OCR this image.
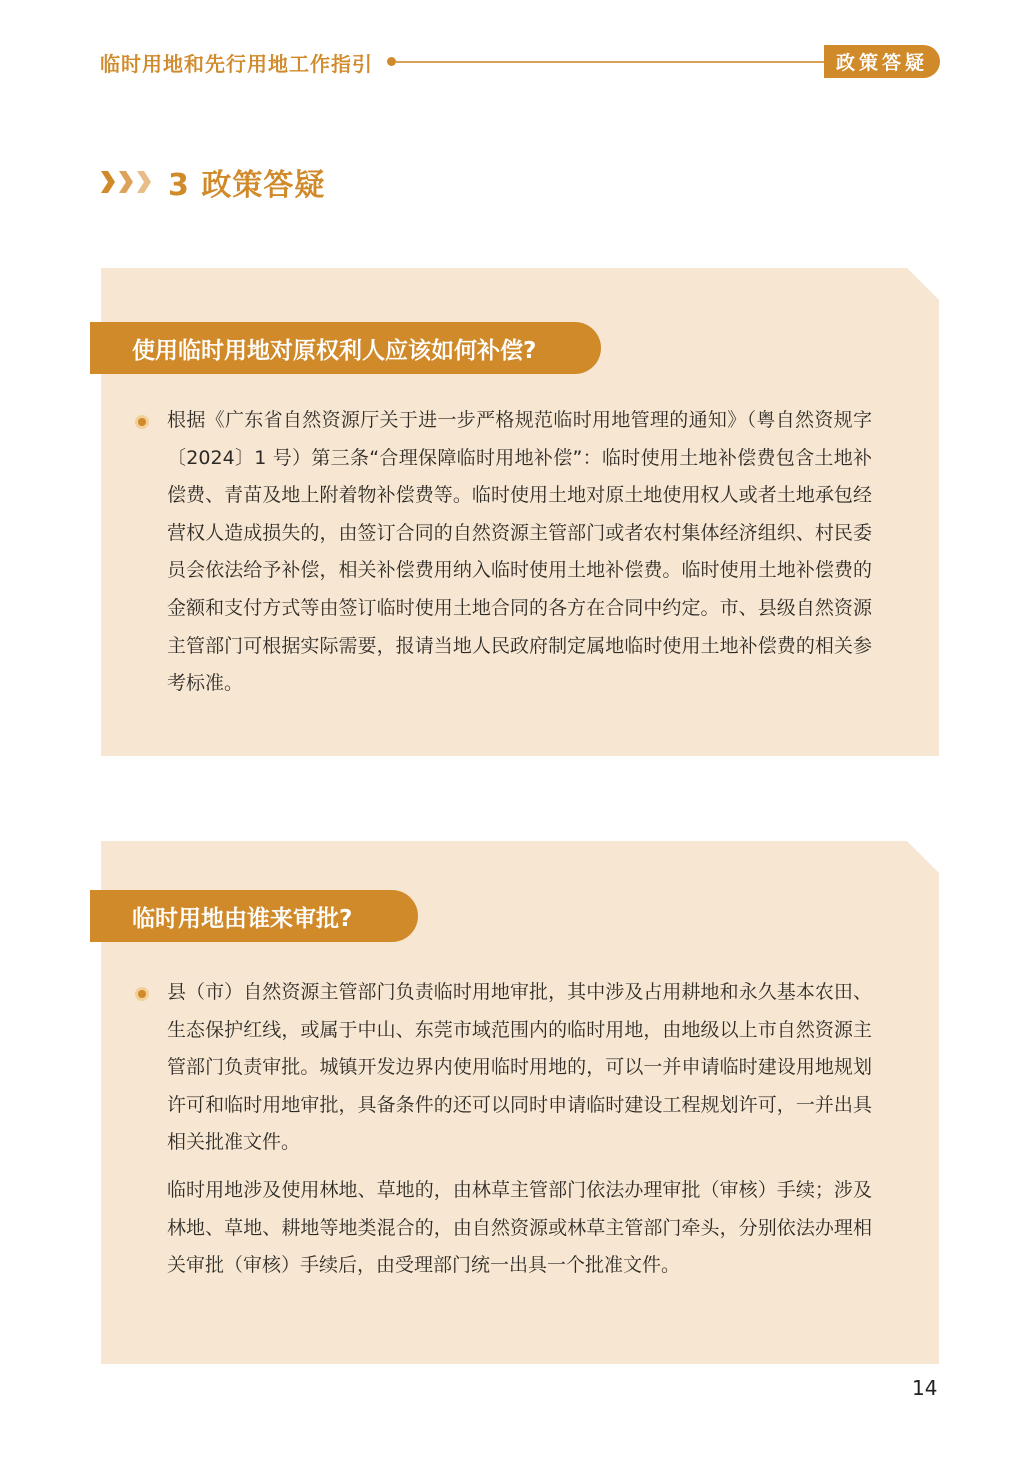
临时用地和先行用地工作指引	政策答疑
3 政策答疑
使用临时用地对原权利人应该如何补偿?
根据《广东省自然资源厅关于进一步严格规范临时用地管理的通知》（粤自然资规字〔2024〕1 号）第三条“合理保障临时用地补偿”：临时使用土地补偿费包含土地补偿费、青苗及地上附着物补偿费等。临时使用土地对原土地使用权人或者土地承包经营权人造成损失的，由签订合同的自然资源主管部门或者农村集体经济组织、村民委员会依法给予补偿，相关补偿费用纳入临时使用土地补偿费。临时使用土地补偿费的金额和支付方式等由签订临时使用土地合同的各方在合同中约定。市、县级自然资源主管部门可根据实际需要，报请当地人民政府制定属地临时使用土地补偿费的相关参考标准。
临时用地由谁来审批?
县（市）自然资源主管部门负责临时用地审批，其中涉及占用耕地和永久基本农田、生态保护红线，或属于中山、东莞市域范围内的临时用地，由地级以上市自然资源主管部门负责审批。城镇开发边界内使用临时用地的，可以一并申请临时建设用地规划许可和临时用地审批，具备条件的还可以同时申请临时建设工程规划许可，一并出具相关批准文件。
临时用地涉及使用林地、草地的，由林草主管部门依法办理审批（审核）手续；涉及林地、草地、耕地等地类混合的，由自然资源或林草主管部门牵头，分别依法办理相关审批（审核）手续后，由受理部门统一出具一个批准文件。
14
